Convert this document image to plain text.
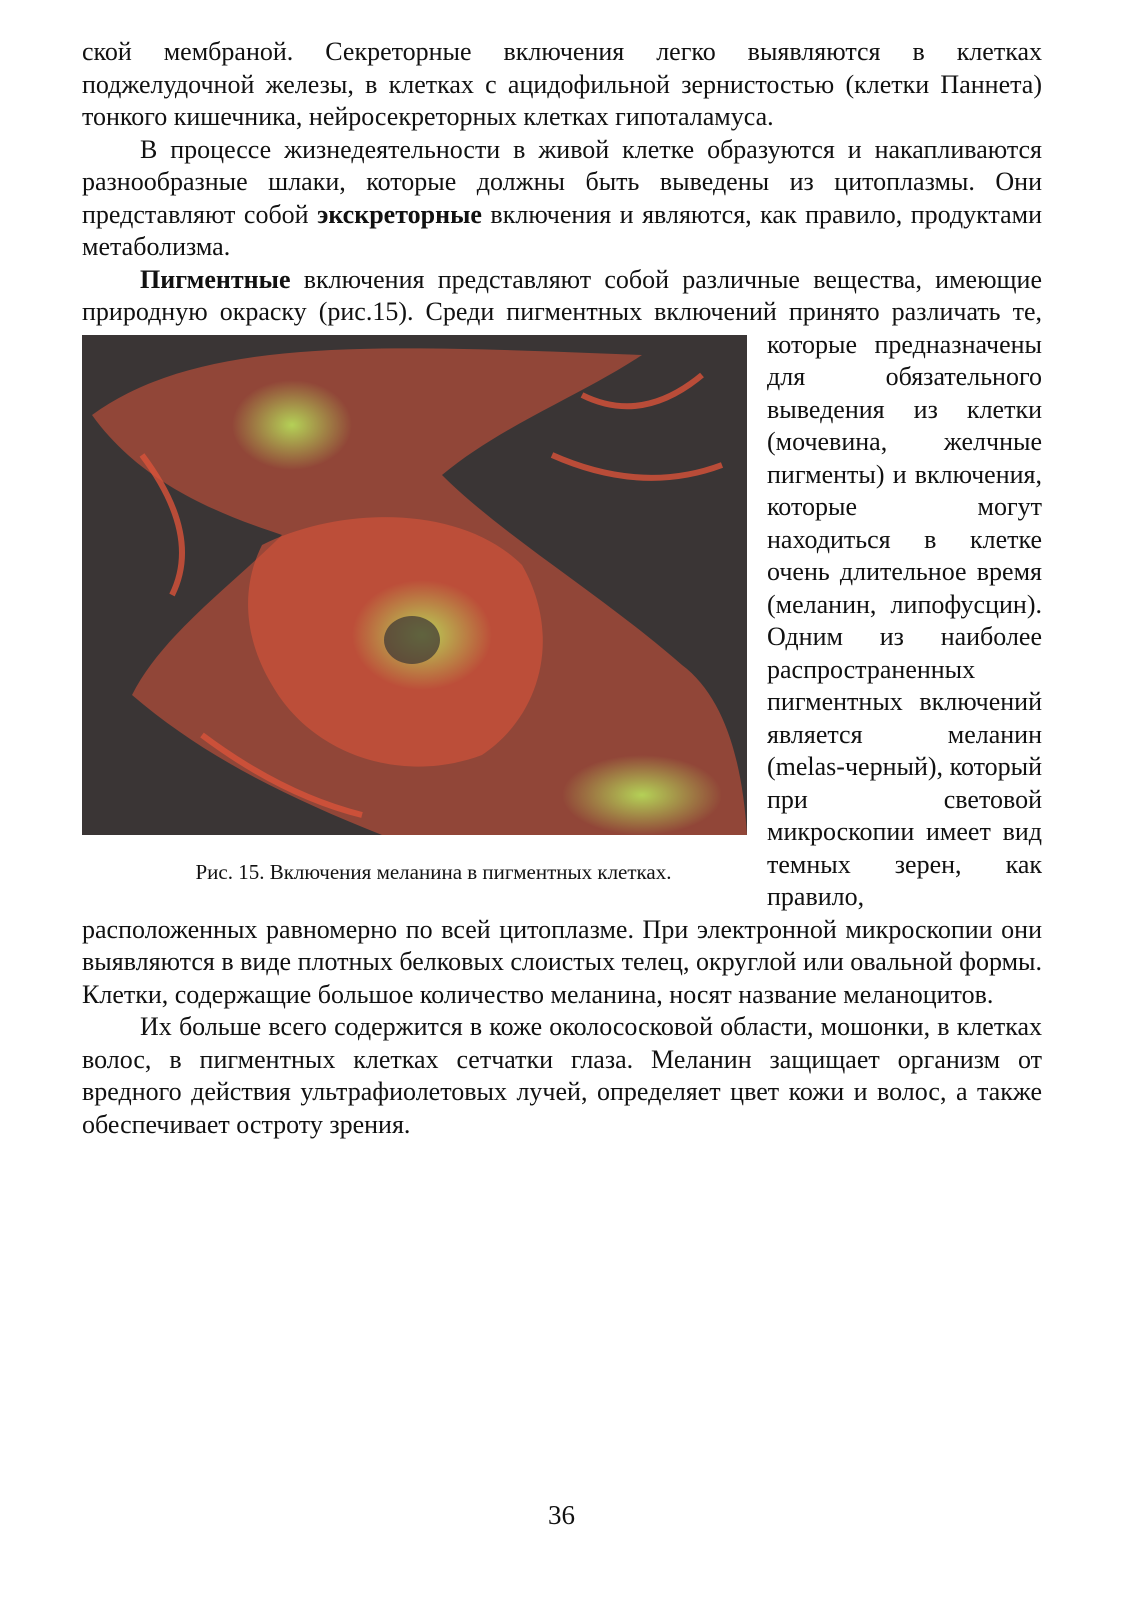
ской мембраной. Секреторные включения легко выявляются в клетках поджелудочной железы, в клетках с ацидофильной зернистостью (клетки Паннета) тонкого кишечника, нейросекреторных клетках гипоталамуса.

В процессе жизнедеятельности в живой клетке образуются и накапливаются разнообразные шлаки, которые должны быть выведены из цитоплазмы. Они представляют собой экскреторные включения и являются, как правило, продуктами метаболизма.

Пигментные включения представляют собой различные вещества, имеющие природную окраску (рис.15). Среди пигментных включений
Рис. 15. Включения меланина в пигментных клетках.
принято различать те, которые предназначены для обязательного выведения из клетки (мочевина, желчные пигменты) и включения, которые могут находиться в клетке очень длительное время (меланин, липофусцин). Одним из наиболее распространенных пигментных включений является меланин (melas-черный), который при световой микроскопии имеет вид темных зерен, как правило, расположенных равномерно по всей цитоплазме. При электронной микроскопии они выявляются в виде плотных белковых слоистых телец, округлой или овальной формы. Клетки, содержащие большое количество меланина, носят название меланоцитов.

Их больше всего содержится в коже околососковой области, мошонки, в клетках волос, в пигментных клетках сетчатки глаза. Меланин защищает организм от вредного действия ультрафиолетовых лучей, определяет цвет кожи и волос, а также обеспечивает остроту зрения.

36
